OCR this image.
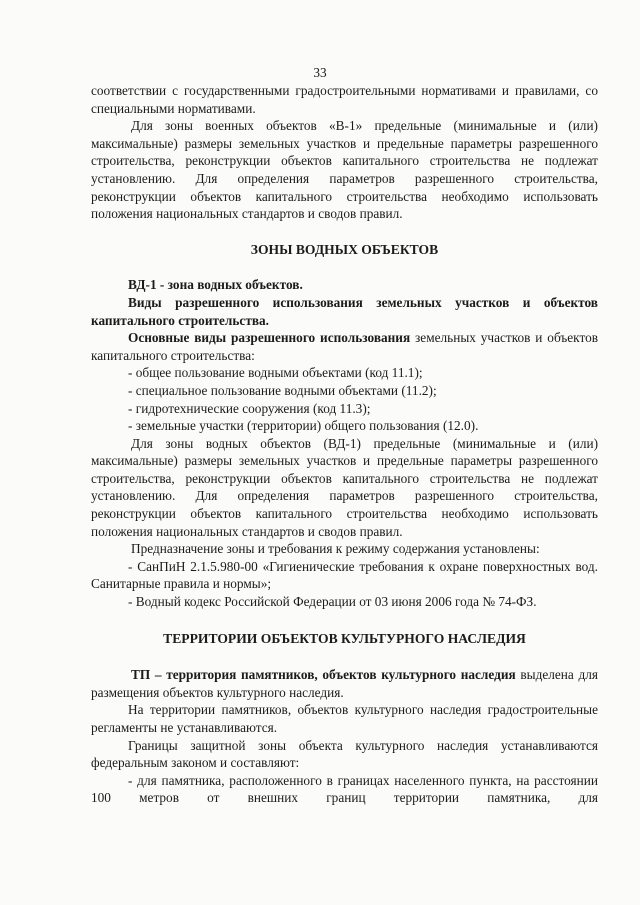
33

соответствии с государственными градостроительными нормативами и правилами, со специальными нормативами.

Для зоны военных объектов «В-1» предельные (минимальные и (или) максимальные) размеры земельных участков и предельные параметры разрешенного строительства, реконструкции объектов капитального строительства не подлежат установлению. Для определения параметров разрешенного строительства, реконструкции объектов капитального строительства необходимо использовать положения национальных стандартов и сводов правил.

ЗОНЫ ВОДНЫХ ОБЪЕКТОВ

ВД-1 - зона водных объектов.

Виды разрешенного использования земельных участков и объектов капитального строительства.

Основные виды разрешенного использования земельных участков и объектов капитального строительства:

- общее пользование водными объектами (код 11.1);

- специальное пользование водными объектами (11.2);

- гидротехнические сооружения (код 11.3);

- земельные участки (территории) общего пользования (12.0).

Для зоны водных объектов (ВД-1) предельные (минимальные и (или) максимальные) размеры земельных участков и предельные параметры разрешенного строительства, реконструкции объектов капитального строительства не подлежат установлению. Для определения параметров разрешенного строительства, реконструкции объектов капитального строительства необходимо использовать положения национальных стандартов и сводов правил.

Предназначение зоны и требования к режиму содержания установлены:

- СанПиН 2.1.5.980-00 «Гигиенические требования к охране поверхностных вод. Санитарные правила и нормы»;

- Водный кодекс Российской Федерации от 03 июня 2006 года № 74-ФЗ.

ТЕРРИТОРИИ ОБЪЕКТОВ КУЛЬТУРНОГО НАСЛЕДИЯ

ТП – территория памятников, объектов культурного наследия выделена для размещения объектов культурного наследия.

На территории памятников, объектов культурного наследия градостроительные регламенты не устанавливаются.

Границы защитной зоны объекта культурного наследия устанавливаются федеральным законом и составляют:

- для памятника, расположенного в границах населенного пункта, на расстоянии 100 метров от внешних границ территории памятника, для
